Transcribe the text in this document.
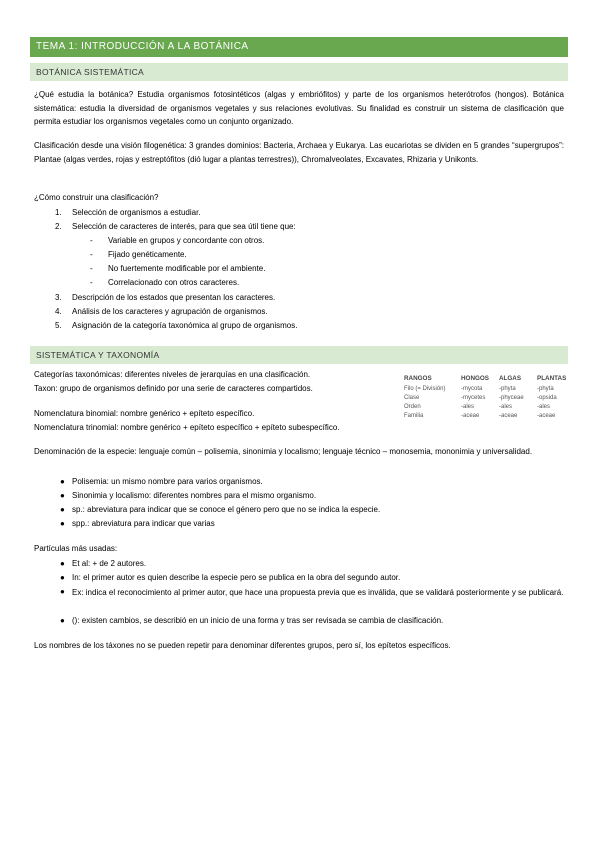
TEMA 1: INTRODUCCIÓN A LA BOTÁNICA
BOTÁNICA SISTEMÁTICA

¿Qué estudia la botánica? Estudia organismos fotosintéticos (algas y embriófitos) y parte de los organismos heterótrofos (hongos). Botánica sistemática: estudia la diversidad de organismos vegetales y sus relaciones evolutivas. Su finalidad es construir un sistema de clasificación que permita estudiar los organismos vegetales como un conjunto organizado.

Clasificación desde una visión filogenética: 3 grandes dominios: Bacteria, Archaea y Eukarya. Las eucariotas se dividen en 5 grandes “supergrupos”: Plantae (algas verdes, rojas y estreptófitos (dió lugar a plantas terrestres)), Chromalveolates, Excavates, Rhizaria y Unikonts.

¿Cómo construir una clasificación?
1. Selección de organismos a estudiar.
2. Selección de caracteres de interés, para que sea útil tiene que:
- Variable en grupos y concordante con otros.
- Fijado genéticamente.
- No fuertemente modificable por el ambiente.
- Correlacionado con otros caracteres.
3. Descripción de los estados que presentan los caracteres.
4. Análisis de los caracteres y agrupación de organismos.
5. Asignación de la categoría taxonómica al grupo de organismos.
SISTEMÁTICA Y TAXONOMÍA
Categorías taxonómicas: diferentes niveles de jerarquías en una clasificación.
Taxon: grupo de organismos definido por una serie de caracteres compartidos.
Nomenclatura binomial: nombre genérico + epíteto específico.
Nomenclatura trinomial: nombre genérico + epíteto específico + epíteto subespecífico.
RANGOS	HONGOS	ALGAS	PLANTAS
Filo (= División)	-mycota	-phyta	-phyta
Clase	-mycetes	-phyceae	-opsida
Orden	-ales	-ales	-ales
Familia	-aceae	-aceae	-aceae

Denominación de la especie: lenguaje común – polisemia, sinonimia y localismo; lenguaje técnico – monosemia, mononimia y universalidad.

● Polisemia: un mismo nombre para varios organismos.
● Sinonimia y localismo: diferentes nombres para el mismo organismo.
● sp.: abreviatura para indicar que se conoce el género pero que no se indica la especie.
● spp.: abreviatura para indicar que varias
Partículas más usadas:
● Et al: + de 2 autores.
● In: el primer autor es quien describe la especie pero se publica en la obra del segundo autor.
● Ex: indica el reconocimiento al primer autor, que hace una propuesta previa que es inválida, que se validará posteriormente y se publicará.

● (): existen cambios, se describió en un inicio de una forma y tras ser revisada se cambia de clasificación.
Los nombres de los táxones no se pueden repetir para denominar diferentes grupos, pero sí, los epítetos específicos.
